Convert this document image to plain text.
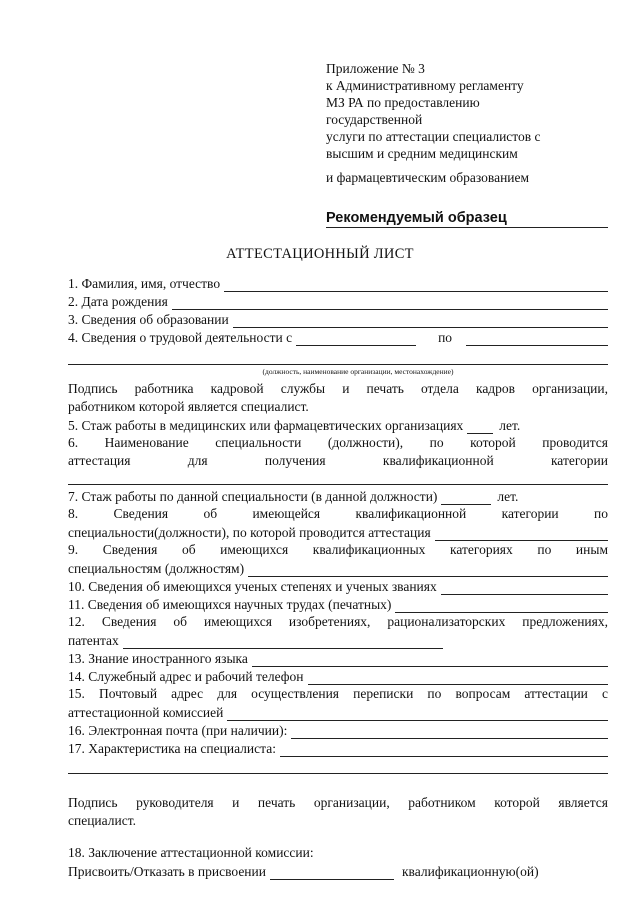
Приложение № 3
к Административному регламенту
МЗ РА по предоставлению
государственной
услуги по аттестации специалистов с
высшим и средним медицинским
и фармацевтическим образованием
Рекомендуемый образец
АТТЕСТАЦИОННЫЙ ЛИСТ
1. Фамилия, имя, отчество
2. Дата рождения
3. Сведения об образовании
4. Сведения о трудовой деятельности с	по
(должность, наименование организации, местонахождение)
Подпись работника кадровой службы и печать отдела кадров организации,
работником которой является специалист.
5. Стаж работы в медицинских или фармацевтических организациях	лет.
6. Наименование специальности (должности), по которой проводится
аттестация для получения квалификационной категории
7. Стаж работы по данной специальности (в данной должности)	лет.
8. Сведения об имеющейся квалификационной категории по
специальности(должности), по которой проводится аттестация
9. Сведения об имеющихся квалификационных категориях по иным
специальностям (должностям)
10. Сведения об имеющихся ученых степенях и ученых званиях
11. Сведения об имеющихся научных трудах (печатных)
12. Сведения об имеющихся изобретениях, рационализаторских предложениях,
патентах
13. Знание иностранного языка
14. Служебный адрес и рабочий телефон
15. Почтовый адрес для осуществления переписки по вопросам аттестации с
аттестационной комиссией
16. Электронная почта (при наличии):
17. Характеристика на специалиста:
Подпись руководителя и печать организации, работником которой является
специалист.
18. Заключение аттестационной комиссии:
Присвоить/Отказать в присвоении	квалификационную(ой)
